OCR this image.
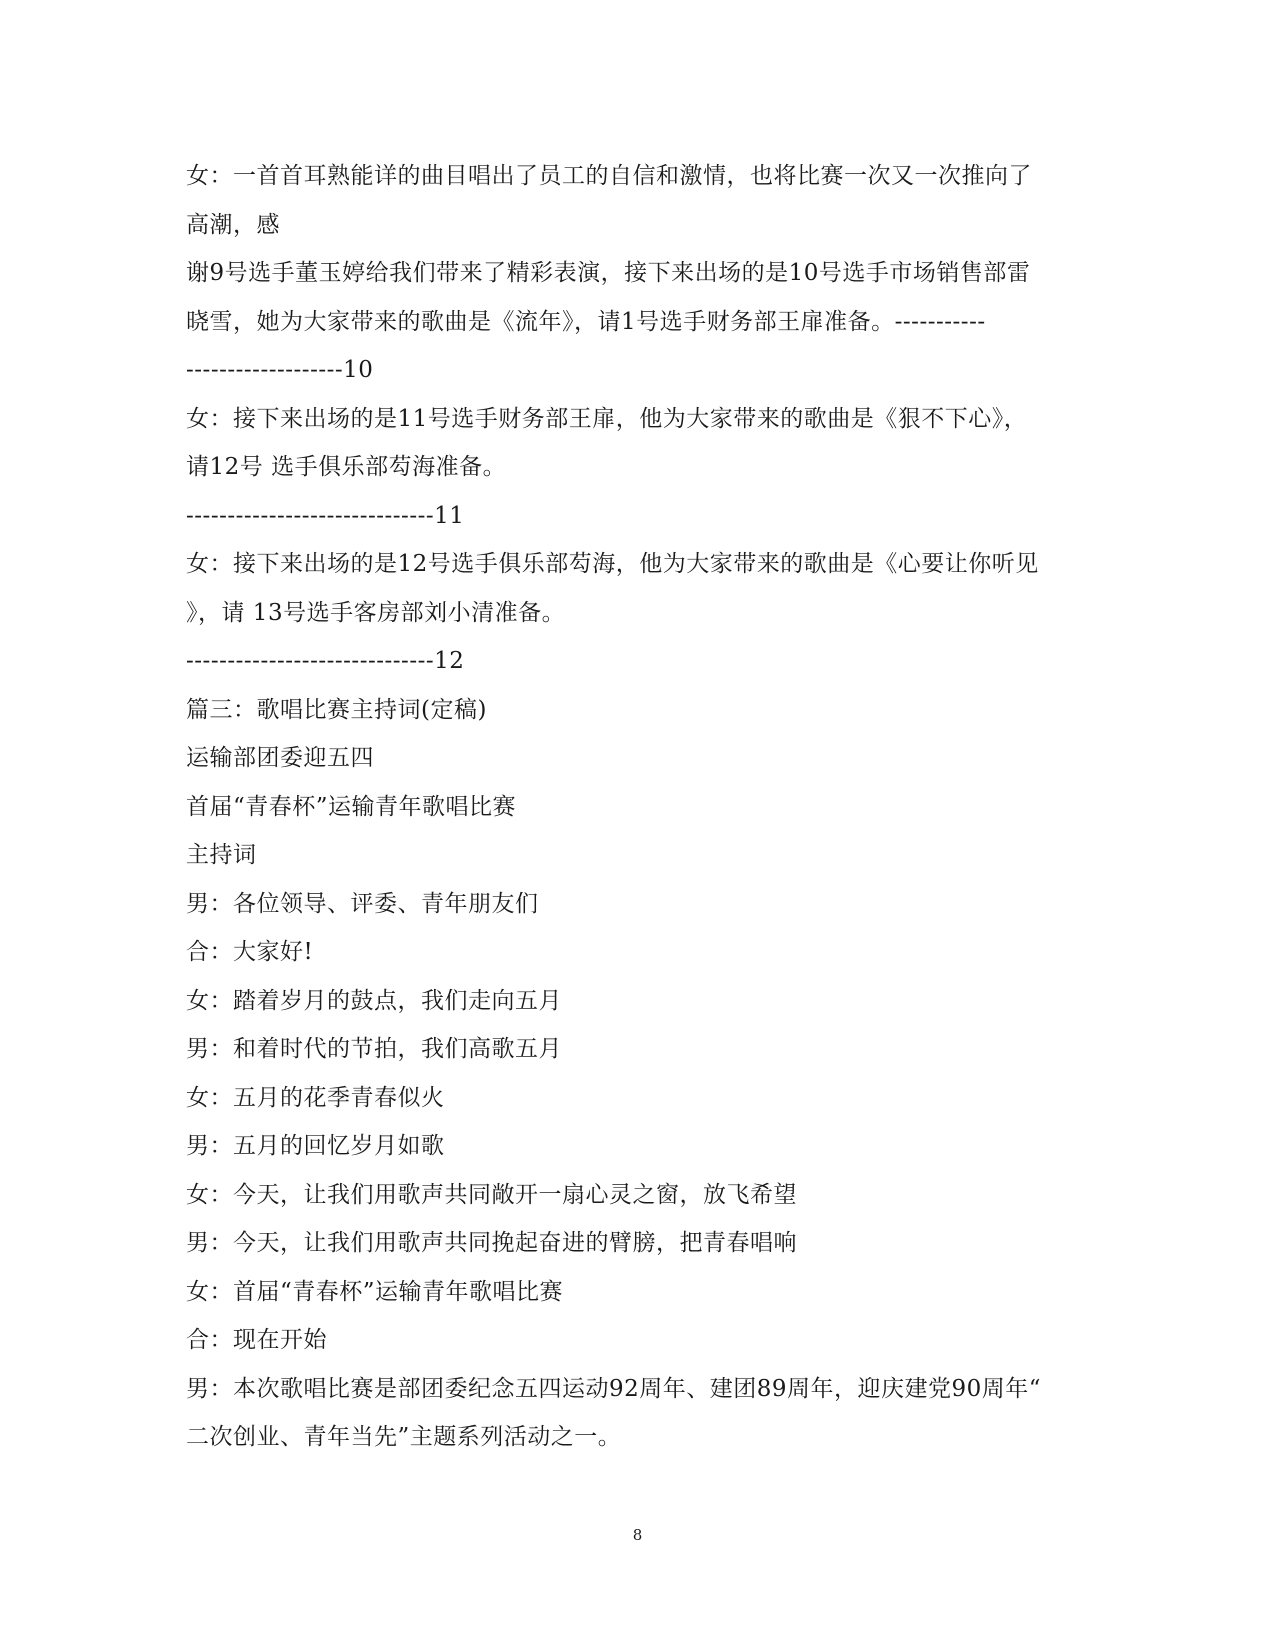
女：一首首耳熟能详的曲目唱出了员工的自信和激情，也将比赛一次又一次推向了
高潮，感
谢9号选手董玉婷给我们带来了精彩表演，接下来出场的是10号选手市场销售部雷
晓雪，她为大家带来的歌曲是《流年》，请1号选手财务部王扉准备。-----------
-------------------10
女：接下来出场的是11号选手财务部王扉，他为大家带来的歌曲是《狠不下心》，
请12号 选手俱乐部芶海准备。
------------------------------11
女：接下来出场的是12号选手俱乐部芶海，他为大家带来的歌曲是《心要让你听见
》，请 13号选手客房部刘小清准备。
------------------------------12
篇三：歌唱比赛主持词(定稿)
运输部团委迎五四
首届“青春杯”运输青年歌唱比赛
主持词
男：各位领导、评委、青年朋友们
合：大家好!
女：踏着岁月的鼓点，我们走向五月
男：和着时代的节拍，我们高歌五月
女：五月的花季青春似火
男：五月的回忆岁月如歌
女：今天，让我们用歌声共同敞开一扇心灵之窗，放飞希望
男：今天，让我们用歌声共同挽起奋进的臂膀，把青春唱响
女：首届“青春杯”运输青年歌唱比赛
合：现在开始
男：本次歌唱比赛是部团委纪念五四运动92周年、建团89周年，迎庆建党90周年“
二次创业、青年当先”主题系列活动之一。
8
